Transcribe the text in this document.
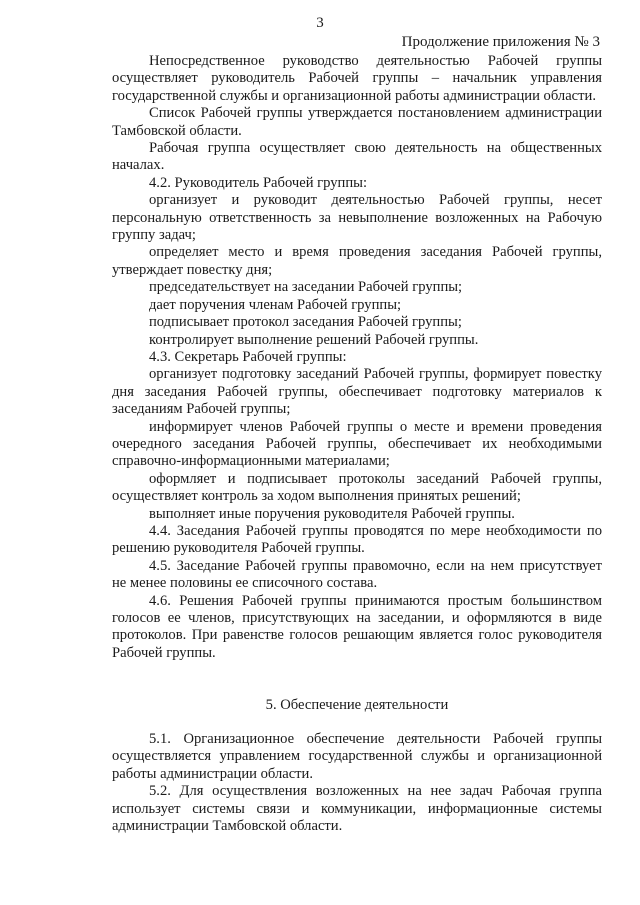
3
Продолжение приложения № 3

Непосредственное руководство деятельностью Рабочей группы осуществляет руководитель Рабочей группы – начальник управления государственной службы и организационной работы администрации области.

Список Рабочей группы утверждается постановлением администрации Тамбовской области.

Рабочая группа осуществляет свою деятельность на общественных началах.

4.2. Руководитель Рабочей группы:

организует и руководит деятельностью Рабочей группы, несет персональную ответственность за невыполнение возложенных на Рабочую группу задач;

определяет место и время проведения заседания Рабочей группы, утверждает повестку дня;

председательствует на заседании Рабочей группы;

дает поручения членам Рабочей группы;

подписывает протокол заседания Рабочей группы;

контролирует выполнение решений Рабочей группы.

4.3. Секретарь Рабочей группы:

организует подготовку заседаний Рабочей группы, формирует повестку дня заседания Рабочей группы, обеспечивает подготовку материалов к заседаниям Рабочей группы;

информирует членов Рабочей группы о месте и времени проведения очередного заседания Рабочей группы, обеспечивает их необходимыми справочно-информационными материалами;

оформляет и подписывает протоколы заседаний Рабочей группы, осуществляет контроль за ходом выполнения принятых решений;

выполняет иные поручения руководителя Рабочей группы.

4.4. Заседания Рабочей группы проводятся по мере необходимости по решению руководителя Рабочей группы.

4.5. Заседание Рабочей группы правомочно, если на нем присутствует не менее половины ее списочного состава.

4.6. Решения Рабочей группы принимаются простым большинством голосов ее членов, присутствующих на заседании, и оформляются в виде протоколов. При равенстве голосов решающим является голос руководителя Рабочей группы.

5. Обеспечение деятельности

5.1. Организационное обеспечение деятельности Рабочей группы осуществляется управлением государственной службы и организационной работы администрации области.

5.2. Для осуществления возложенных на нее задач Рабочая группа использует системы связи и коммуникации, информационные системы администрации Тамбовской области.
